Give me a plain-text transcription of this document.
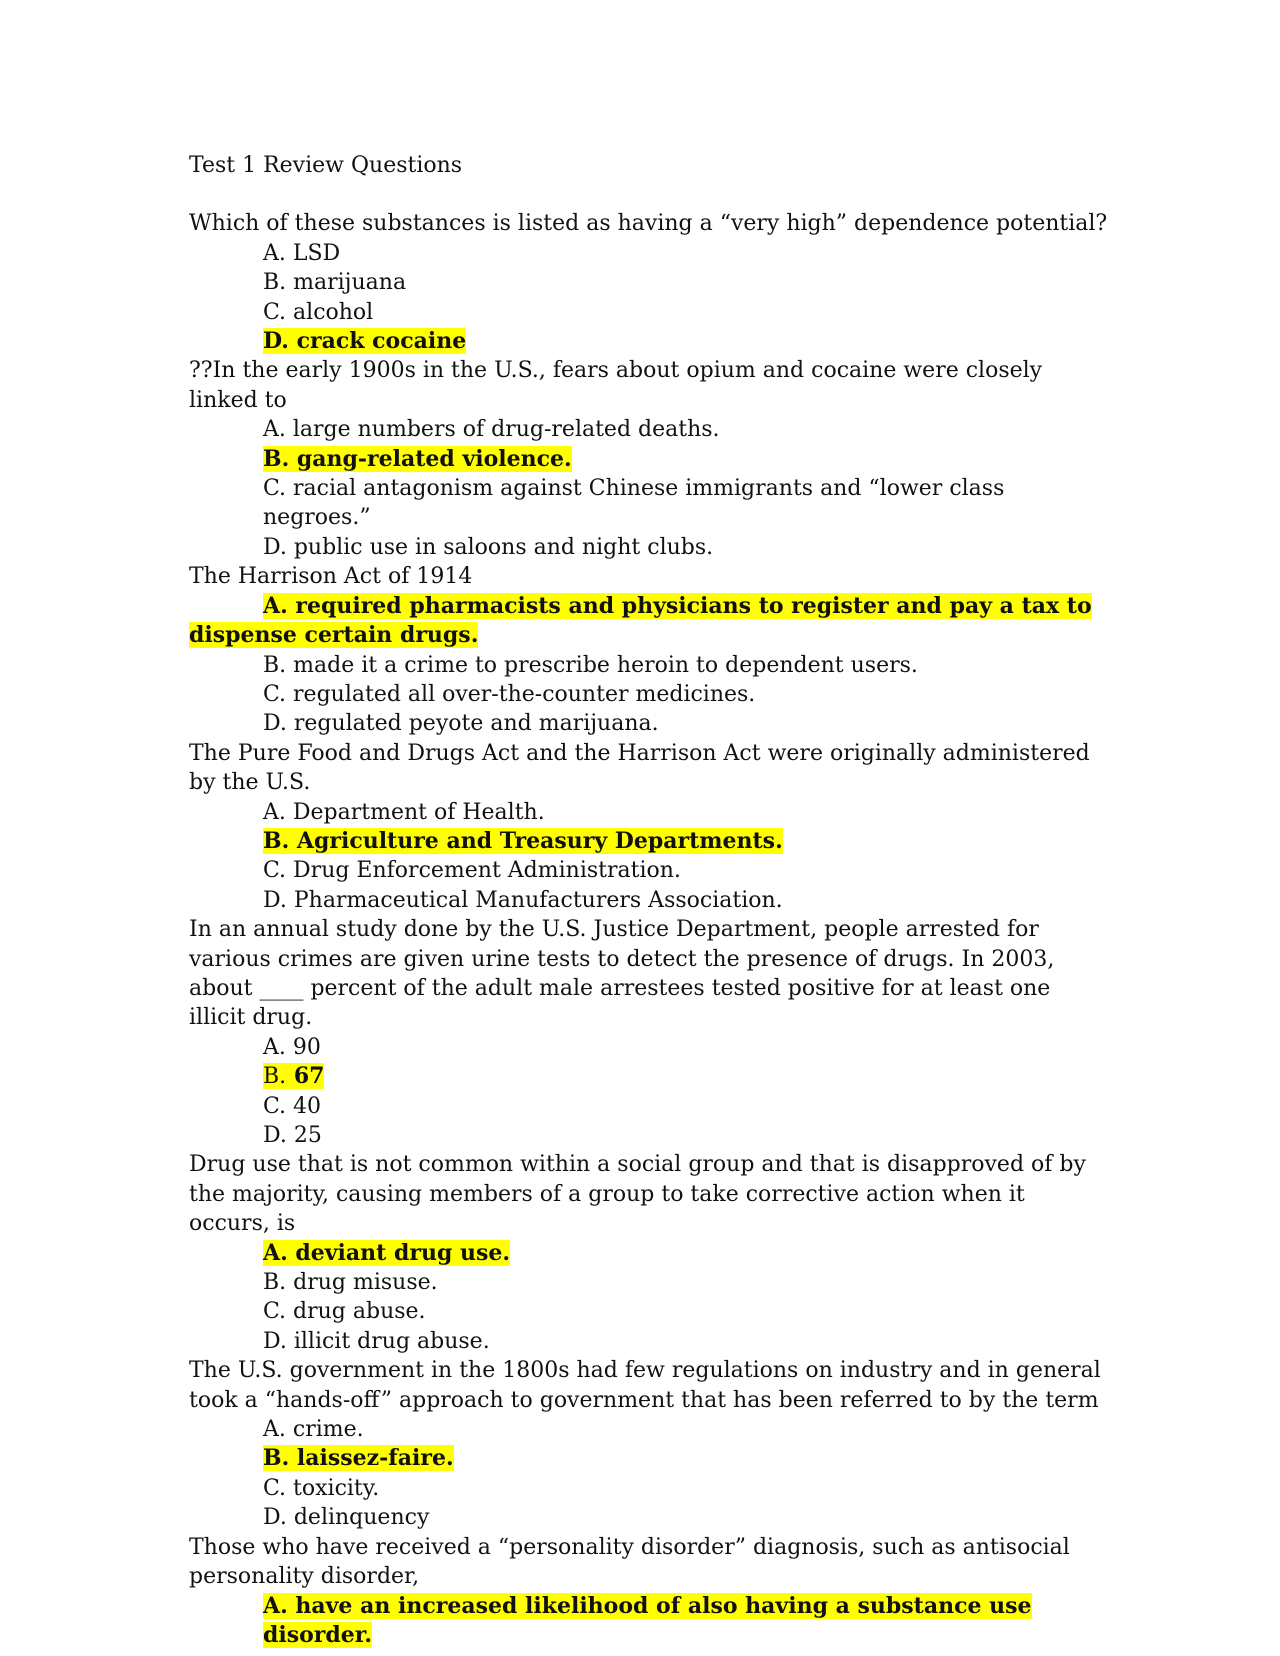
Test 1 Review Questions

Which of these substances is listed as having a “very high” dependence potential?

A. LSD

B. marijuana

C. alcohol

D. crack cocaine

??In the early 1900s in the U.S., fears about opium and cocaine were closely linked to

A. large numbers of drug-related deaths.

B. gang-related violence.

C. racial antagonism against Chinese immigrants and “lower class negroes.”

D. public use in saloons and night clubs.

The Harrison Act of 1914

A. required pharmacists and physicians to register and pay a tax to

dispense certain drugs.

B. made it a crime to prescribe heroin to dependent users.

C. regulated all over-the-counter medicines.

D. regulated peyote and marijuana.

The Pure Food and Drugs Act and the Harrison Act were originally administered by the U.S.

A. Department of Health.

B. Agriculture and Treasury Departments.

C. Drug Enforcement Administration.

D. Pharmaceutical Manufacturers Association.

In an annual study done by the U.S. Justice Department, people arrested for various crimes are given urine tests to detect the presence of drugs. In 2003, about ____ percent of the adult male arrestees tested positive for at least one illicit drug.

A. 90

B. 67

C. 40

D. 25

Drug use that is not common within a social group and that is disapproved of by the majority, causing members of a group to take corrective action when it occurs, is

A. deviant drug use.

B. drug misuse.

C. drug abuse.

D. illicit drug abuse.

The U.S. government in the 1800s had few regulations on industry and in general took a “hands-off” approach to government that has been referred to by the term

A. crime.

B. laissez-faire.

C. toxicity.

D. delinquency

Those who have received a “personality disorder” diagnosis, such as antisocial personality disorder,

A. have an increased likelihood of also having a substance use disorder.
